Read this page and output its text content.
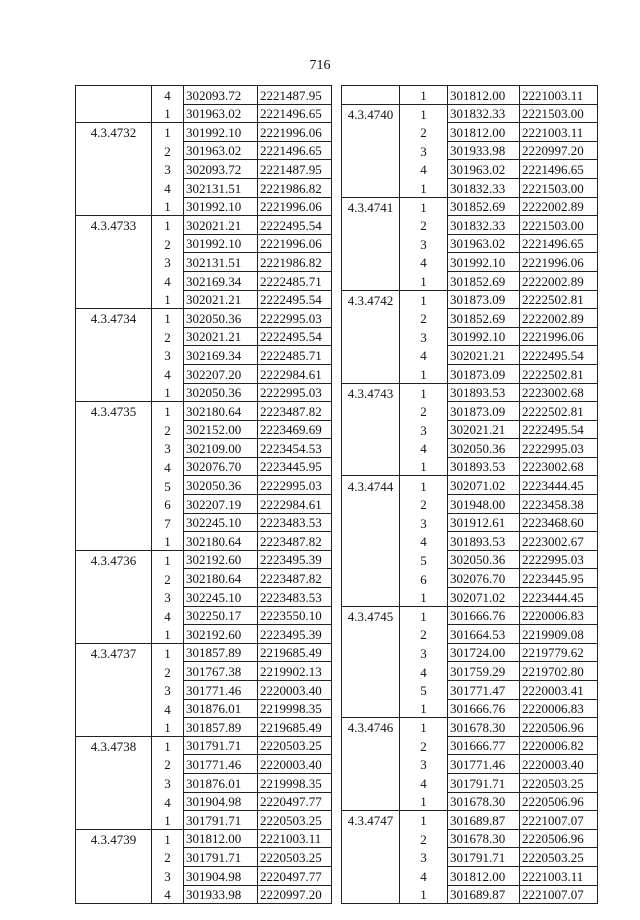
716
	4	302093.72	2221487.95
	1	301963.02	2221496.65
4.3.4732	1	301992.10	2221996.06
	2	301963.02	2221496.65
	3	302093.72	2221487.95
	4	302131.51	2221986.82
	1	301992.10	2221996.06
4.3.4733	1	302021.21	2222495.54
	2	301992.10	2221996.06
	3	302131.51	2221986.82
	4	302169.34	2222485.71
	1	302021.21	2222495.54
4.3.4734	1	302050.36	2222995.03
	2	302021.21	2222495.54
	3	302169.34	2222485.71
	4	302207.20	2222984.61
	1	302050.36	2222995.03
4.3.4735	1	302180.64	2223487.82
	2	302152.00	2223469.69
	3	302109.00	2223454.53
	4	302076.70	2223445.95
	5	302050.36	2222995.03
	6	302207.19	2222984.61
	7	302245.10	2223483.53
	1	302180.64	2223487.82
4.3.4736	1	302192.60	2223495.39
	2	302180.64	2223487.82
	3	302245.10	2223483.53
	4	302250.17	2223550.10
	1	302192.60	2223495.39
4.3.4737	1	301857.89	2219685.49
	2	301767.38	2219902.13
	3	301771.46	2220003.40
	4	301876.01	2219998.35
	1	301857.89	2219685.49
4.3.4738	1	301791.71	2220503.25
	2	301771.46	2220003.40
	3	301876.01	2219998.35
	4	301904.98	2220497.77
	1	301791.71	2220503.25
4.3.4739	1	301812.00	2221003.11
	2	301791.71	2220503.25
	3	301904.98	2220497.77
	4	301933.98	2220997.20
	1	301812.00	2221003.11
4.3.4740	1	301832.33	2221503.00
	2	301812.00	2221003.11
	3	301933.98	2220997.20
	4	301963.02	2221496.65
	1	301832.33	2221503.00
4.3.4741	1	301852.69	2222002.89
	2	301832.33	2221503.00
	3	301963.02	2221496.65
	4	301992.10	2221996.06
	1	301852.69	2222002.89
4.3.4742	1	301873.09	2222502.81
	2	301852.69	2222002.89
	3	301992.10	2221996.06
	4	302021.21	2222495.54
	1	301873.09	2222502.81
4.3.4743	1	301893.53	2223002.68
	2	301873.09	2222502.81
	3	302021.21	2222495.54
	4	302050.36	2222995.03
	1	301893.53	2223002.68
4.3.4744	1	302071.02	2223444.45
	2	301948.00	2223458.38
	3	301912.61	2223468.60
	4	301893.53	2223002.67
	5	302050.36	2222995.03
	6	302076.70	2223445.95
	1	302071.02	2223444.45
4.3.4745	1	301666.76	2220006.83
	2	301664.53	2219909.08
	3	301724.00	2219779.62
	4	301759.29	2219702.80
	5	301771.47	2220003.41
	1	301666.76	2220006.83
4.3.4746	1	301678.30	2220506.96
	2	301666.77	2220006.82
	3	301771.46	2220003.40
	4	301791.71	2220503.25
	1	301678.30	2220506.96
4.3.4747	1	301689.87	2221007.07
	2	301678.30	2220506.96
	3	301791.71	2220503.25
	4	301812.00	2221003.11
	1	301689.87	2221007.07
